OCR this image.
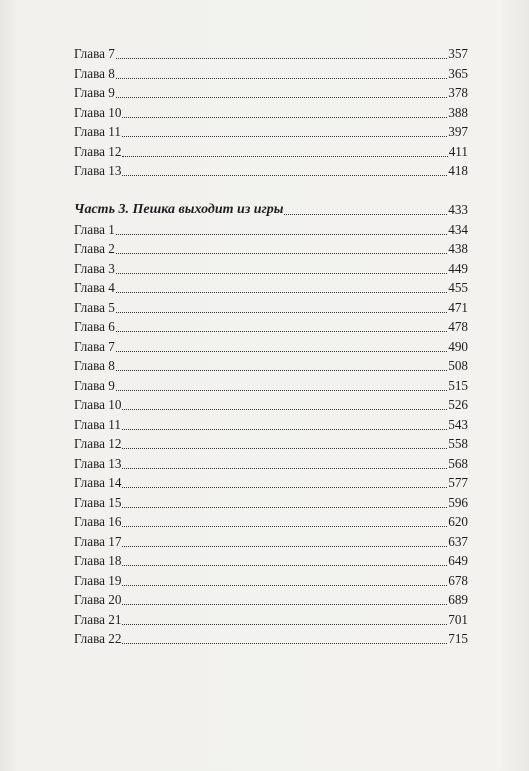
Глава 7	357
Глава 8	365
Глава 9	378
Глава 10	388
Глава 11	397
Глава 12	411
Глава 13	418
Часть 3. Пешка выходит из игры	433
Глава 1	434
Глава 2	438
Глава 3	449
Глава 4	455
Глава 5	471
Глава 6	478
Глава 7	490
Глава 8	508
Глава 9	515
Глава 10	526
Глава 11	543
Глава 12	558
Глава 13	568
Глава 14	577
Глава 15	596
Глава 16	620
Глава 17	637
Глава 18	649
Глава 19	678
Глава 20	689
Глава 21	701
Глава 22	715
